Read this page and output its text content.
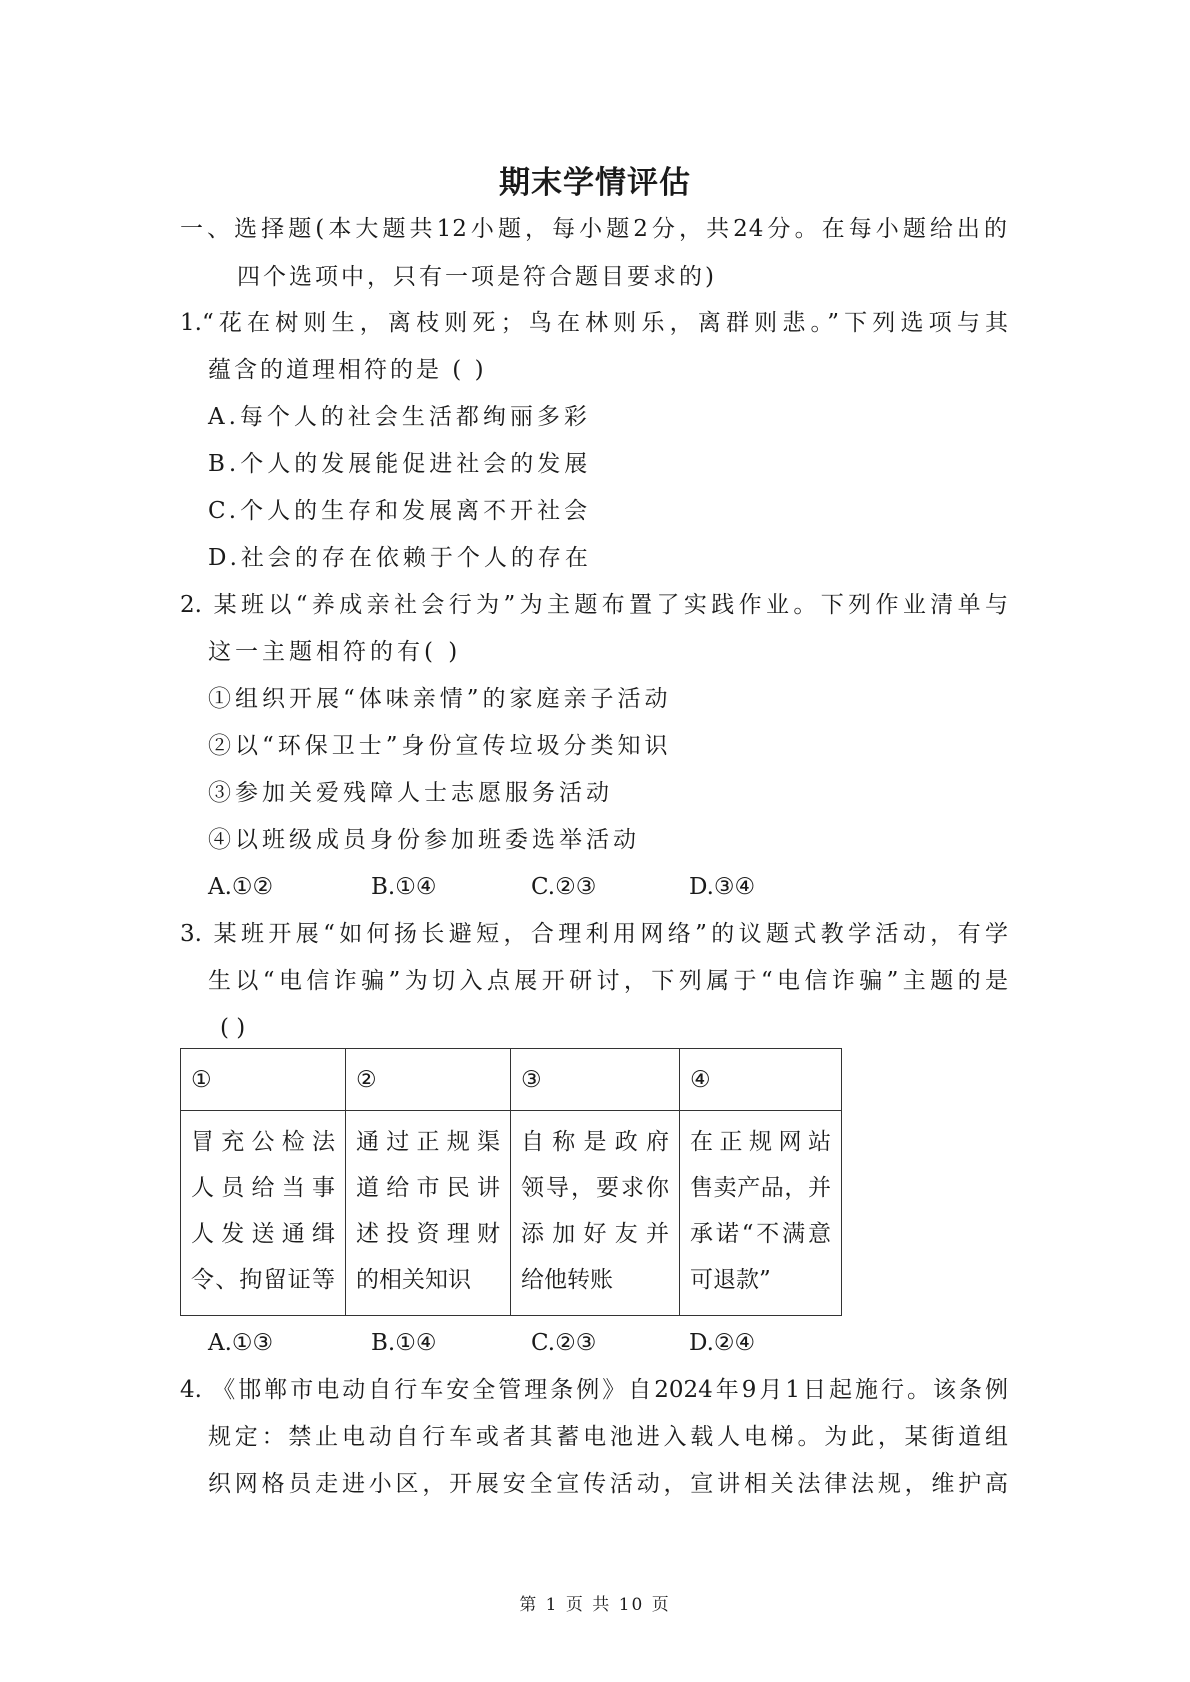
期末学情评估
一、选择题(本大题共12小题，每小题2分，共24分。在每小题给出的
四个选项中，只有一项是符合题目要求的)
1.“花在树则生，离枝则死；鸟在林则乐，离群则悲。”下列选项与其
蕴含的道理相符的是 ( )
A.每个人的社会生活都绚丽多彩
B.个人的发展能促进社会的发展
C.个人的生存和发展离不开社会
D.社会的存在依赖于个人的存在
2. 某班以“养成亲社会行为”为主题布置了实践作业。下列作业清单与
这一主题相符的有( )
①组织开展“体味亲情”的家庭亲子活动
②以“环保卫士”身份宣传垃圾分类知识
③参加关爱残障人士志愿服务活动
④以班级成员身份参加班委选举活动
A.①②	B.①④	C.②③	D.③④
3. 某班开展“如何扬长避短，合理利用网络”的议题式教学活动，有学
生以“电信诈骗”为切入点展开研讨，下列属于“电信诈骗”主题的是
( )
①	②	③	④

冒充公检法
人员给当事
人发送通缉
令、拘留证等	通过正规渠
道给市民讲
述投资理财
的相关知识	自称是政府
领导，要求你
添加好友并
给他转账	在正规网站
售卖产品，并
承诺“不满意
可退款”
A.①③	B.①④	C.②③	D.②④
4. 《邯郸市电动自行车安全管理条例》自2024年9月1日起施行。该条例
规定：禁止电动自行车或者其蓄电池进入载人电梯。为此，某街道组
织网格员走进小区，开展安全宣传活动，宣讲相关法律法规，维护高
第 1 页 共 10 页
